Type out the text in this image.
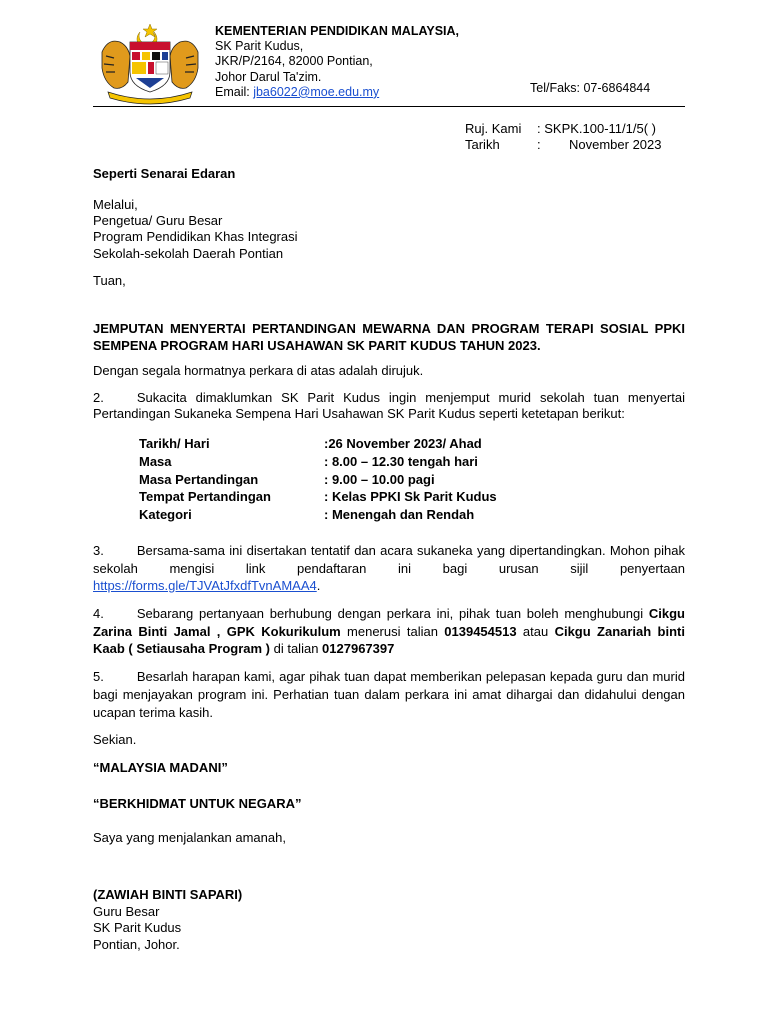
KEMENTERIAN PENDIDIKAN MALAYSIA,
SK Parit Kudus,
JKR/P/2164, 82000 Pontian,
Johor Darul Ta'zim.
Email: jba6022@moe.edu.my	Tel/Faks: 07-6864844
Ruj. Kami	: SKPK.100-11/1/5( )
Tarikh	:	November 2023
Seperti Senarai Edaran
Melalui,
Pengetua/ Guru Besar
Program Pendidikan Khas Integrasi
Sekolah-sekolah Daerah Pontian
Tuan,
JEMPUTAN MENYERTAI PERTANDINGAN MEWARNA DAN PROGRAM TERAPI SOSIAL PPKI SEMPENA PROGRAM HARI USAHAWAN SK PARIT KUDUS TAHUN 2023.
Dengan segala hormatnya perkara di atas adalah dirujuk.
2.	Sukacita dimaklumkan SK Parit Kudus ingin menjemput murid sekolah tuan menyertai Pertandingan Sukaneka Sempena Hari Usahawan SK Parit Kudus seperti ketetapan berikut:
Tarikh/ Hari	:26 November 2023/ Ahad
Masa	: 8.00 – 12.30 tengah hari
Masa Pertandingan	: 9.00 – 10.00 pagi
Tempat Pertandingan	: Kelas PPKI Sk Parit Kudus
Kategori	: Menengah dan Rendah
3.	Bersama-sama ini disertakan tentatif dan acara sukaneka yang dipertandingkan. Mohon pihak sekolah mengisi link pendaftaran ini bagi urusan sijil penyertaan https://forms.gle/TJVAtJfxdfTvnAMAA4.
4.	Sebarang pertanyaan berhubung dengan perkara ini, pihak tuan boleh menghubungi Cikgu Zarina Binti Jamal , GPK Kokurikulum menerusi talian 0139454513 atau Cikgu Zanariah binti Kaab ( Setiausaha Program ) di talian 0127967397
5.	Besarlah harapan kami, agar pihak tuan dapat memberikan pelepasan kepada guru dan murid bagi menjayakan program ini. Perhatian tuan dalam perkara ini amat dihargai dan didahului dengan ucapan terima kasih.
Sekian.
“MALAYSIA MADANI”
“BERKHIDMAT UNTUK NEGARA”
Saya yang menjalankan amanah,
(ZAWIAH BINTI SAPARI)
Guru Besar
SK Parit Kudus
Pontian, Johor.
